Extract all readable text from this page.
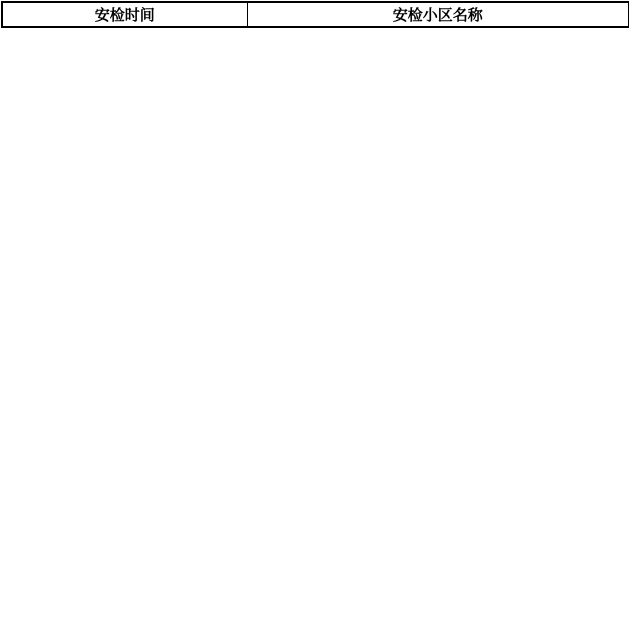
安检时间	安检小区名称
